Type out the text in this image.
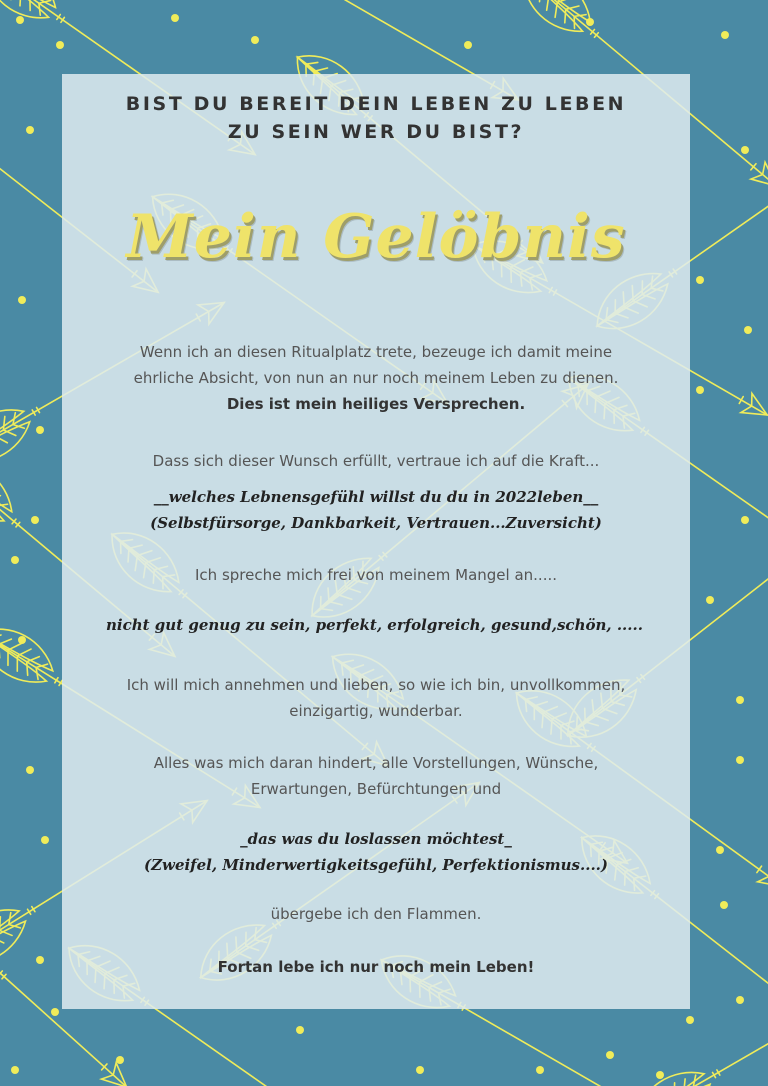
BIST DU BEREIT DEIN LEBEN ZU LEBEN
ZU SEIN WER DU BIST?
Mein Gelöbnis
Wenn ich an diesen Ritualplatz trete, bezeuge ich damit meine
ehrliche Absicht, von nun an nur noch meinem Leben zu dienen.
Dies ist mein heiliges Versprechen.
Dass sich dieser Wunsch erfüllt, vertraue ich auf die Kraft...
__welches Lebnensgefühl willst du du in 2022leben__
(Selbstfürsorge, Dankbarkeit, Vertrauen...Zuversicht)
Ich spreche mich frei von meinem Mangel an.....
nicht gut genug zu sein, perfekt, erfolgreich, gesund,schön, .....
Ich will mich annehmen und lieben, so wie ich bin, unvollkommen,
einzigartig, wunderbar.
Alles was mich daran hindert, alle Vorstellungen, Wünsche,
Erwartungen, Befürchtungen und
_das was du loslassen möchtest_
(Zweifel, Minderwertigkeitsgefühl, Perfektionismus....)
übergebe ich den Flammen.
Fortan lebe ich nur noch mein Leben!
